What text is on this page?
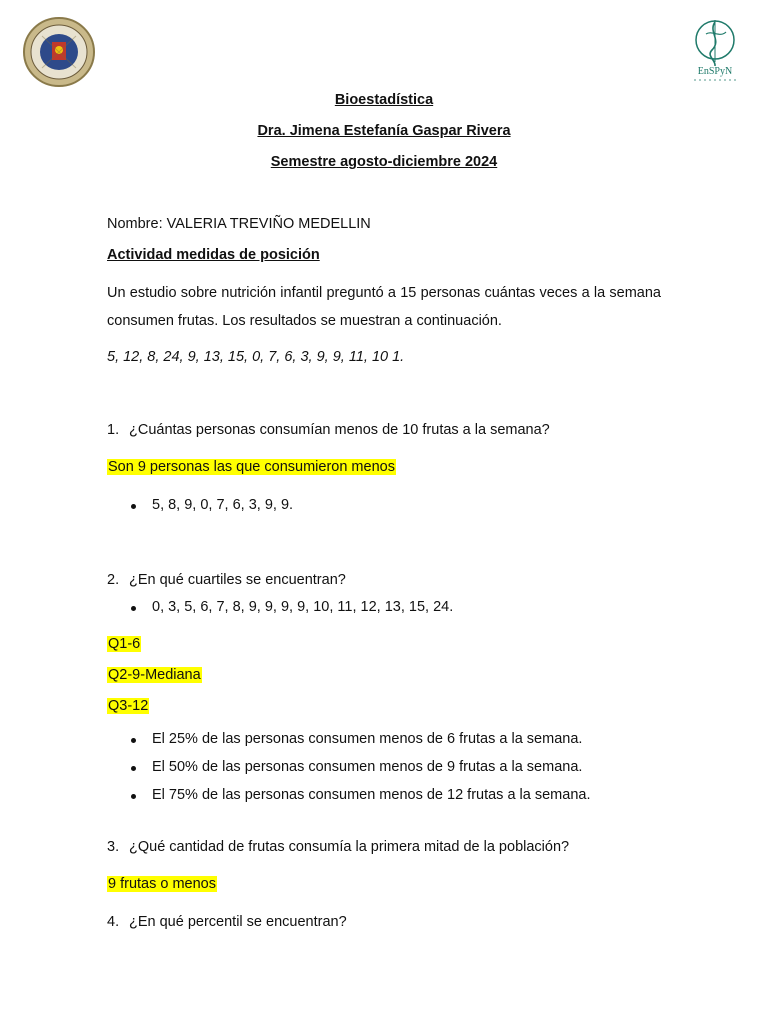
EnSPyN
Bioestadística
Dra. Jimena Estefanía Gaspar Rivera
Semestre agosto-diciembre 2024
Nombre: VALERIA TREVIÑO MEDELLIN
Actividad medidas de posición
Un estudio sobre nutrición infantil preguntó a 15 personas cuántas veces a la semana consumen frutas. Los resultados se muestran a continuación.
5, 12, 8, 24, 9, 13, 15, 0, 7, 6, 3, 9, 9, 11, 10 1.
1. ¿Cuántas personas consumían menos de 10 frutas a la semana?
Son 9 personas las que consumieron menos
5, 8, 9, 0, 7, 6, 3, 9, 9.
2. ¿En qué cuartiles se encuentran?
0, 3, 5, 6, 7, 8, 9, 9, 9, 9, 10, 11, 12, 13, 15, 24.
Q1-6
Q2-9-Mediana
Q3-12
El 25% de las personas consumen menos de 6 frutas a la semana.
El 50% de las personas consumen menos de 9 frutas a la semana.
El 75% de las personas consumen menos de 12 frutas a la semana.
3. ¿Qué cantidad de frutas consumía la primera mitad de la población?
9 frutas o menos
4. ¿En qué percentil se encuentran?
